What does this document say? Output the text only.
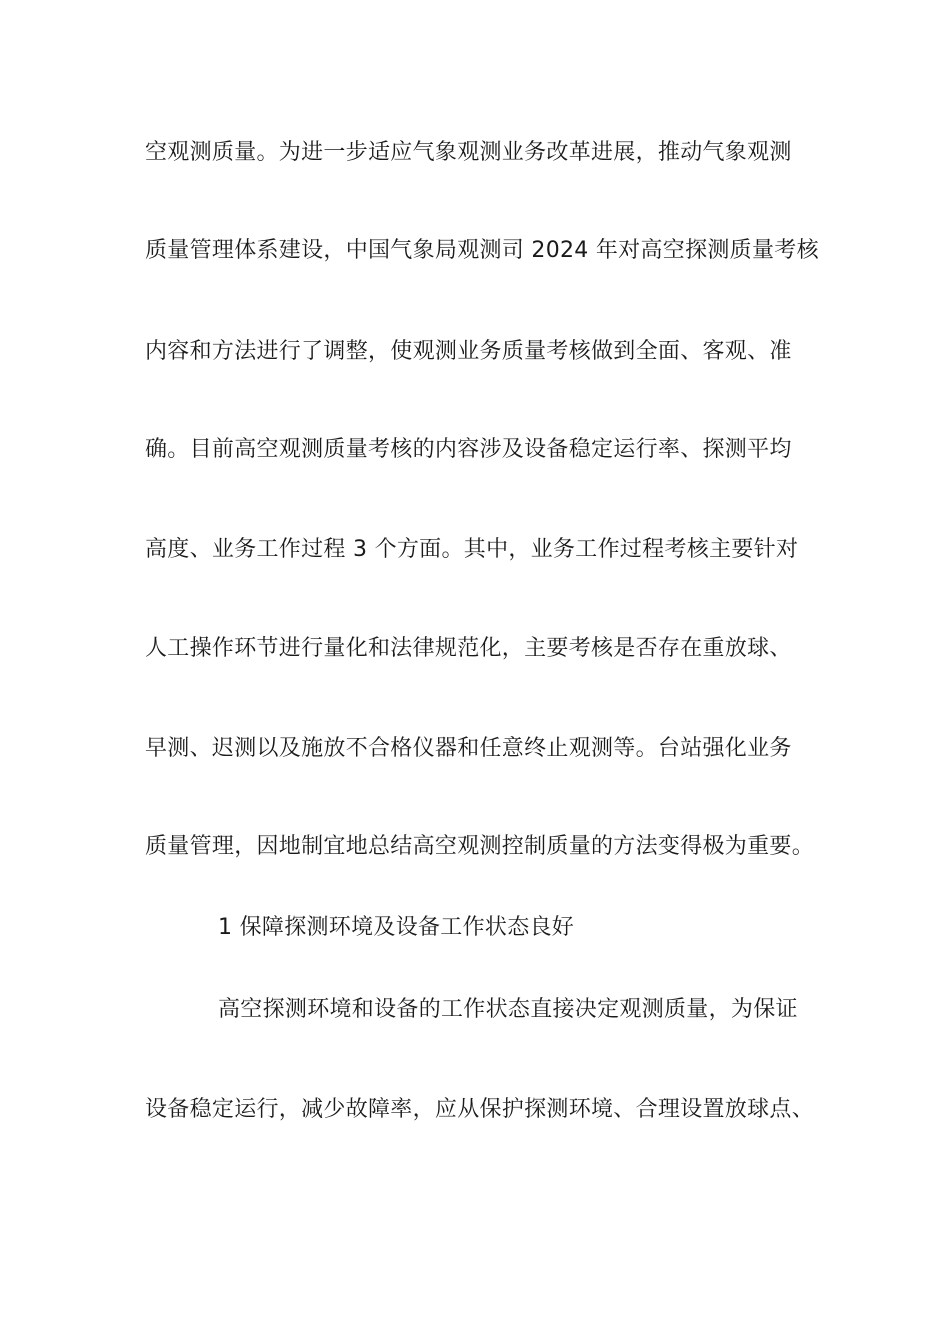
空观测质量。为进一步适应气象观测业务改革进展，推动气象观测
质量管理体系建设，中国气象局观测司 2024 年对高空探测质量考核
内容和方法进行了调整，使观测业务质量考核做到全面、客观、准
确。目前高空观测质量考核的内容涉及设备稳定运行率、探测平均
高度、业务工作过程 3 个方面。其中，业务工作过程考核主要针对
人工操作环节进行量化和法律规范化，主要考核是否存在重放球、
早测、迟测以及施放不合格仪器和任意终止观测等。台站强化业务
质量管理，因地制宜地总结高空观测控制质量的方法变得极为重要。
1 保障探测环境及设备工作状态良好
高空探测环境和设备的工作状态直接决定观测质量，为保证
设备稳定运行，减少故障率，应从保护探测环境、合理设置放球点、
